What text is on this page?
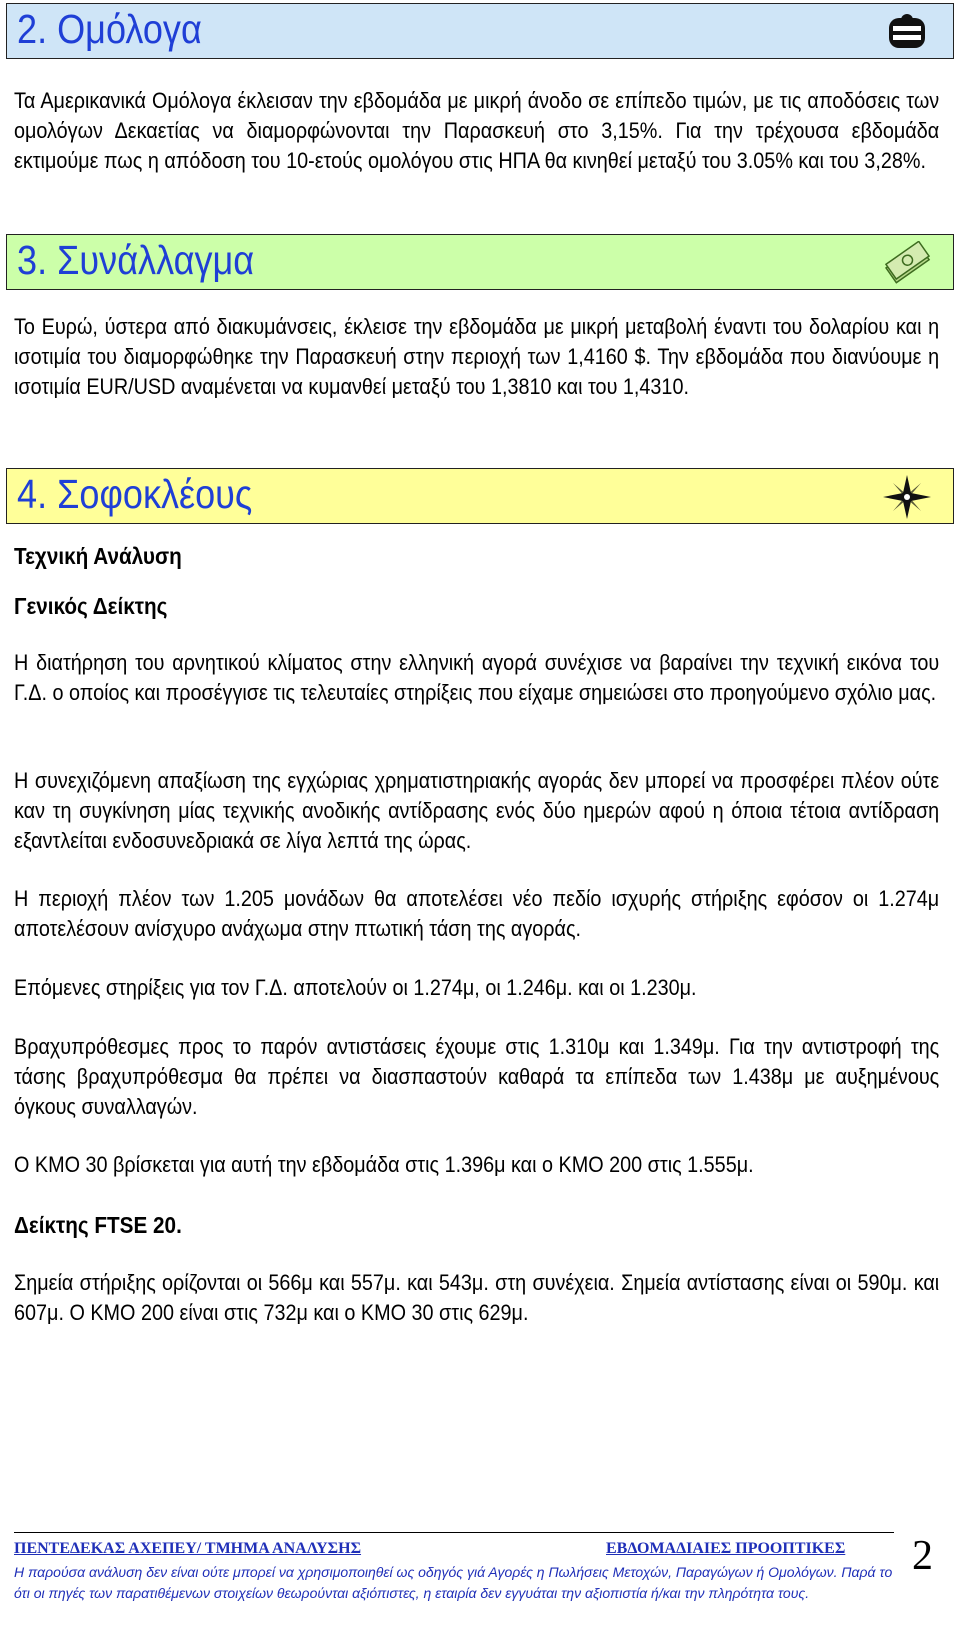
2. Ομόλογα
Τα Αμερικανικά Ομόλογα έκλεισαν την εβδομάδα με μικρή άνοδο σε επίπεδο τιμών, με τις αποδόσεις των ομολόγων Δεκαετίας να διαμορφώνονται την Παρασκευή στο 3,15%. Για την τρέχουσα εβδομάδα εκτιμούμε πως η απόδοση του 10-ετούς ομολόγου στις ΗΠΑ θα κινηθεί μεταξύ του 3.05% και του 3,28%.
3. Συνάλλαγμα
Το Ευρώ, ύστερα από διακυμάνσεις, έκλεισε την εβδομάδα με μικρή μεταβολή έναντι του δολαρίου και η ισοτιμία του διαμορφώθηκε την Παρασκευή στην περιοχή των 1,4160 $. Την εβδομάδα που διανύουμε η ισοτιμία EUR/USD αναμένεται να κυμανθεί μεταξύ του 1,3810 και του 1,4310.
4. Σοφοκλέους
Τεχνική Ανάλυση
Γενικός Δείκτης
Η διατήρηση του αρνητικού κλίματος στην ελληνική αγορά συνέχισε να βαραίνει την τεχνική εικόνα του Γ.Δ. ο οποίος και προσέγγισε τις τελευταίες στηρίξεις που είχαμε σημειώσει στο προηγούμενο σχόλιο μας.
Η συνεχιζόμενη απαξίωση της εγχώριας χρηματιστηριακής αγοράς δεν μπορεί να προσφέρει πλέον ούτε καν τη συγκίνηση μίας τεχνικής ανοδικής αντίδρασης ενός δύο ημερών αφού η όποια τέτοια αντίδραση εξαντλείται ενδοσυνεδριακά σε λίγα λεπτά της ώρας.
Η περιοχή πλέον των 1.205 μονάδων θα αποτελέσει νέο πεδίο ισχυρής στήριξης εφόσον οι 1.274μ αποτελέσουν ανίσχυρο ανάχωμα στην πτωτική τάση της αγοράς.
Επόμενες στηρίξεις για τον Γ.Δ. αποτελούν οι 1.274μ, οι 1.246μ. και οι 1.230μ.
Βραχυπρόθεσμες προς το παρόν αντιστάσεις έχουμε στις 1.310μ και 1.349μ. Για την αντιστροφή της τάσης βραχυπρόθεσμα θα πρέπει να διασπαστούν καθαρά τα επίπεδα των 1.438μ με αυξημένους όγκους συναλλαγών.
Ο ΚΜΟ 30 βρίσκεται για αυτή την εβδομάδα στις 1.396μ και ο ΚΜΟ 200 στις 1.555μ.
Δείκτης FTSE 20.
Σημεία στήριξης ορίζονται οι 566μ και 557μ. και 543μ. στη συνέχεια. Σημεία αντίστασης είναι οι 590μ. και 607μ. Ο ΚΜΟ 200 είναι στις 732μ και ο ΚΜΟ 30 στις 629μ.
ΠΕΝΤΕΔΕΚΑΣ ΑΧΕΠΕΥ/ ΤΜΗΜΑ ΑΝΑΛΥΣΗΣ	ΕΒΔΟΜΑΔΙΑΙΕΣ ΠΡΟΟΠΤΙΚΕΣ 2
Η παρούσα ανάλυση δεν είναι ούτε μπορεί να χρησιμοποιηθεί ως οδηγός γιά Αγορές η Πωλήσεις Μετοχών, Παραγώγων ή Ομολόγων. Παρά το ότι οι πηγές των παρατιθέμενων στοιχείων θεωρούνται αξιόπιστες, η εταιρία δεν εγγυάται την αξιοπιστία ή/και την πληρότητα τους.
